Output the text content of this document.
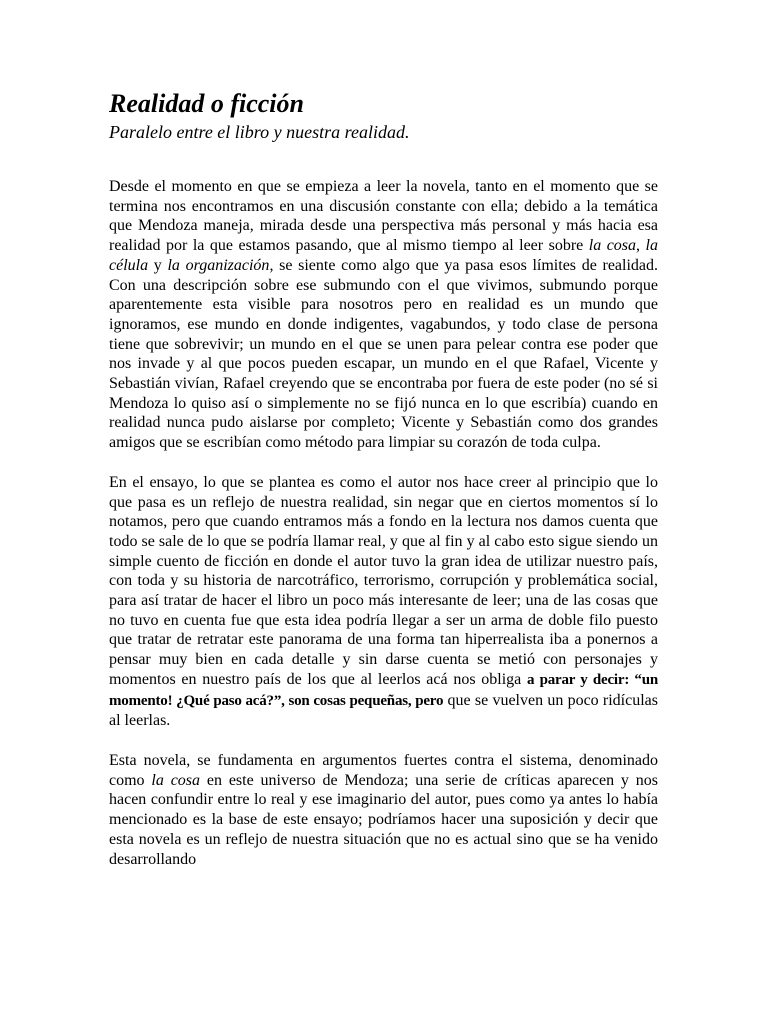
Realidad o ficción

Paralelo entre el libro y nuestra realidad.

Desde el momento en que se empieza a leer la novela, tanto en el momento que se termina nos encontramos en una discusión constante con ella; debido a la temática que Mendoza maneja, mirada desde una perspectiva más personal y más hacia esa realidad por la que estamos pasando, que al mismo tiempo al leer sobre la cosa, la célula y la organización, se siente como algo que ya pasa esos límites de realidad. Con una descripción sobre ese submundo con el que vivimos, submundo porque aparentemente esta visible para nosotros pero en realidad es un mundo que ignoramos, ese mundo en donde indigentes, vagabundos, y todo clase de persona tiene que sobrevivir; un mundo en el que se unen para pelear contra ese poder que nos invade y al que pocos pueden escapar, un mundo en el que Rafael, Vicente y Sebastián vivían, Rafael creyendo que se encontraba por fuera de este poder (no sé si Mendoza lo quiso así o simplemente no se fijó nunca en lo que escribía) cuando en realidad nunca pudo aislarse por completo; Vicente y Sebastián como dos grandes amigos que se escribían como método para limpiar su corazón de toda culpa.

En el ensayo, lo que se plantea es como el autor nos hace creer al principio que lo que pasa es un reflejo de nuestra realidad, sin negar que en ciertos momentos sí lo notamos, pero que cuando entramos más a fondo en la lectura nos damos cuenta que todo se sale de lo que se podría llamar real, y que al fin y al cabo esto sigue siendo un simple cuento de ficción en donde el autor tuvo la gran idea de utilizar nuestro país, con toda y su historia de narcotráfico, terrorismo, corrupción y problemática social, para así tratar de hacer el libro un poco más interesante de leer; una de las cosas que no tuvo en cuenta fue que esta idea podría llegar a ser un arma de doble filo puesto que tratar de retratar este panorama de una forma tan hiperrealista iba a ponernos a pensar muy bien en cada detalle y sin darse cuenta se metió con personajes y momentos en nuestro país de los que al leerlos acá nos obliga a parar y decir: “un momento! ¿Qué paso acá?”, son cosas pequeñas, pero que se vuelven un poco ridículas al leerlas.

Esta novela, se fundamenta en argumentos fuertes contra el sistema, denominado como la cosa en este universo de Mendoza; una serie de críticas aparecen y nos hacen confundir entre lo real y ese imaginario del autor, pues como ya antes lo había mencionado es la base de este ensayo; podríamos hacer una suposición y decir que esta novela es un reflejo de nuestra situación que no es actual sino que se ha venido desarrollando
